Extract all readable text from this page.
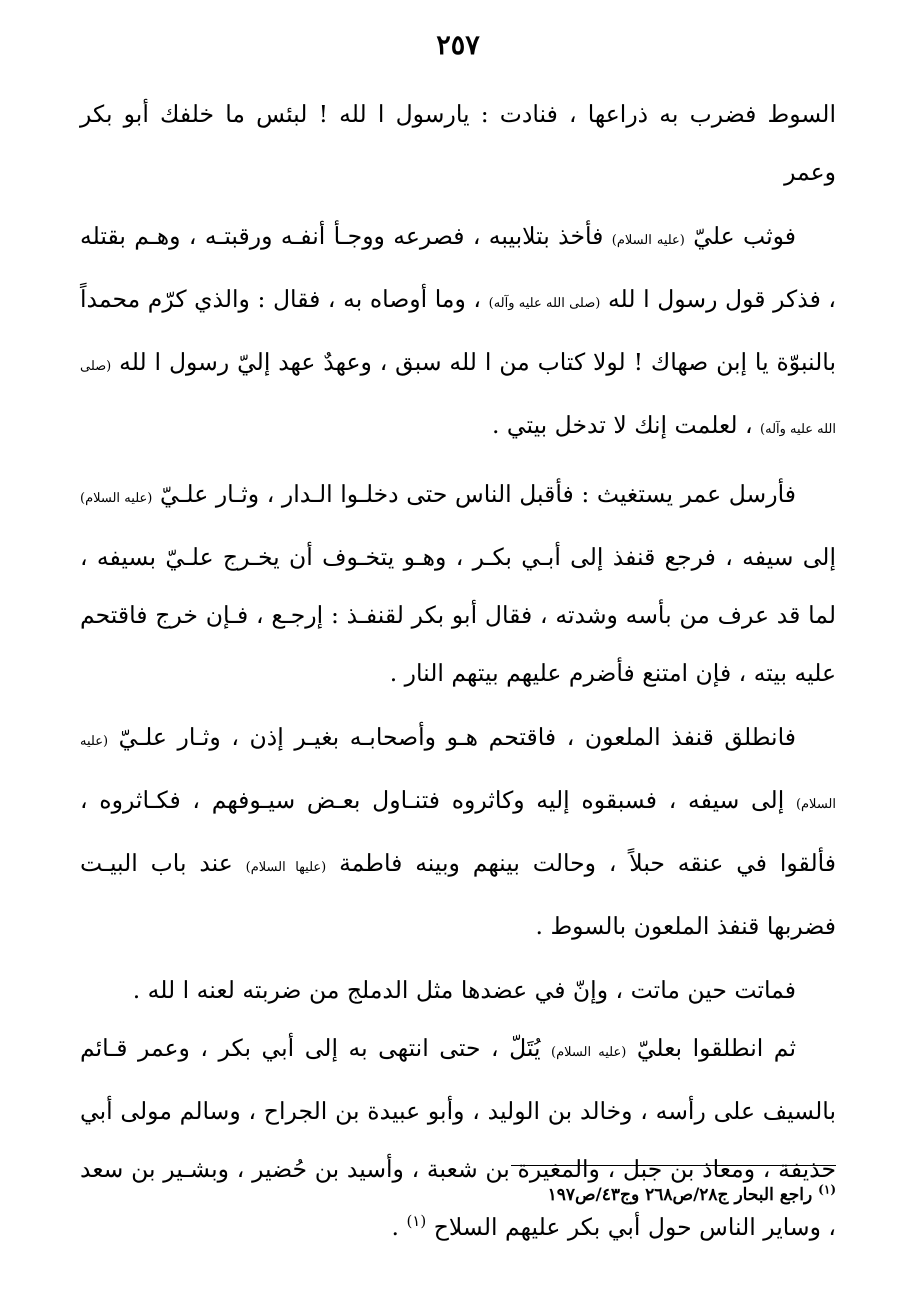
٢٥٧

السوط فضرب به ذراعها ، فنادت : يارسول ا لله ! لبئس ما خلفك أبو بكر وعمر

فوثب عليّ (عليه السلام) فأخذ بتلابيبه ، فصرعه ووجـأ أنفـه ورقبتـه ، وهـم بقتله ، فذكر قول رسول ا لله (صلى الله عليه وآله) ، وما أوصاه به ، فقال : والذي كرّم محمداً بالنبوّة يا إبن صهاك ! لولا كتاب من ا لله سبق ، وعهدٌ عهد إليّ رسول ا لله (صلى الله عليه وآله) ، لعلمت إنك لا تدخل بيتي .

فأرسل عمر يستغيث : فأقبل الناس حتى دخلـوا الـدار ، وثـار علـيّ (عليه السلام) إلى سيفه ، فرجع قنفذ إلى أبـي بكـر ، وهـو يتخـوف أن يخـرج علـيّ بسيفه ، لما قد عرف من بأسه وشدته ، فقال أبو بكر لقنفـذ : إرجـع ، فـإن خرج فاقتحم عليه بيته ، فإن امتنع فأضرم عليهم بيتهم النار .

فانطلق قنفذ الملعون ، فاقتحم هـو وأصحابـه بغيـر إذن ، وثـار علـيّ (عليه السلام) إلى سيفه ، فسبقوه إليه وكاثروه فتنـاول بعـض سيـوفهم ، فكـاثروه ، فألقوا في عنقه حبلاً ، وحالت بينهم وبينه فاطمة (عليها السلام) عند باب البيـت فضربها قنفذ الملعون بالسوط .

فماتت حين ماتت ، وإنّ في عضدها مثل الدملج من ضربته لعنه ا لله .

ثم انطلقوا بعليّ (عليه السلام) يُتَلّ ، حتى انتهى به إلى أبي بكر ، وعمر قـائم بالسيف على رأسه ، وخالد بن الوليد ، وأبو عبيدة بن الجراح ، وسالم مولى أبي حذيفة ، ومعاذ بن جبل ، والمغيرة بن شعبة ، وأسيد بن حُضير ، وبشـير بن سعد ، وساير الناس حول أبي بكر عليهم السلاح $^{(١)}$ .

$^{(١)}$ راجع البحار ج٢٨/ص٢٦٨ وج٤٣/ص١٩٧
